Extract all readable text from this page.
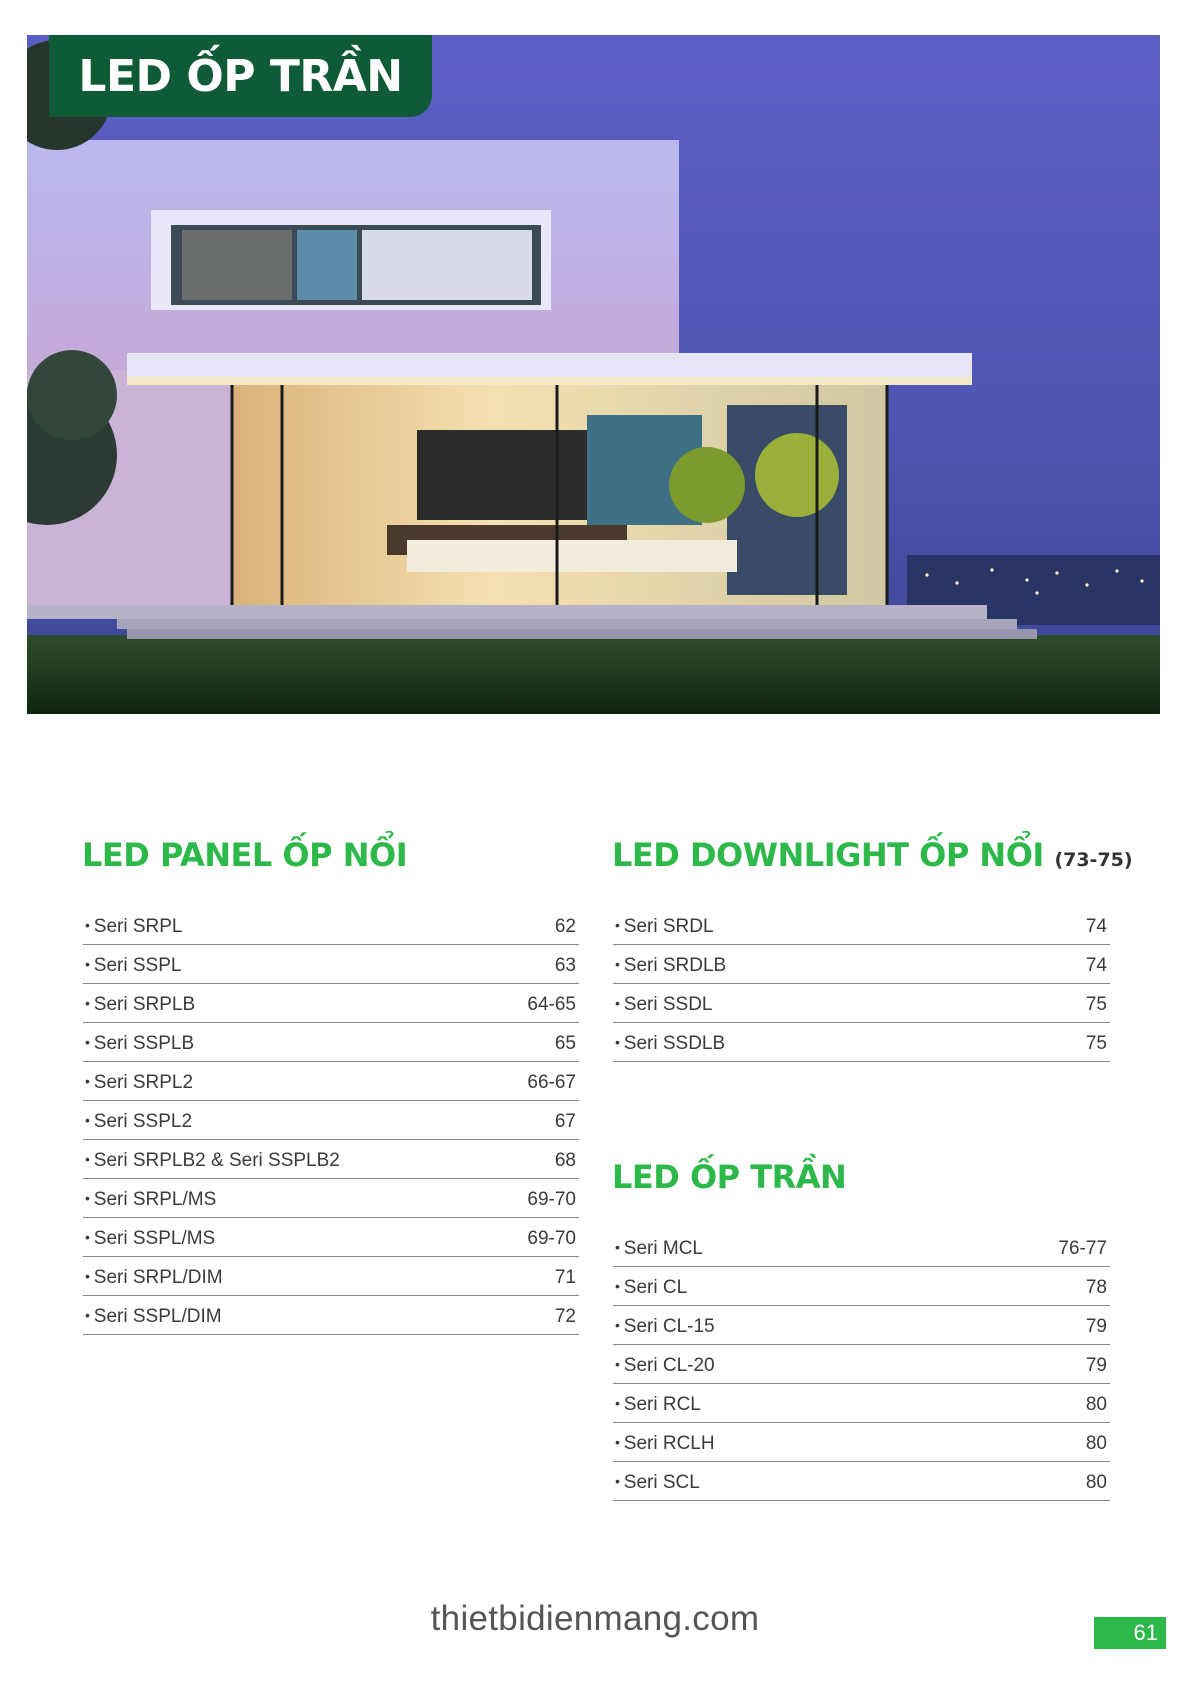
LED ỐP TRẦN
LED PANEL ỐP NỔI
• Seri SRPL	62
• Seri SSPL	63
• Seri SRPLB	64-65
• Seri SSPLB	65
• Seri SRPL2	66-67
• Seri SSPL2	67
• Seri SRPLB2 & Seri SSPLB2	68
• Seri SRPL/MS	69-70
• Seri SSPL/MS	69-70
• Seri SRPL/DIM	71
• Seri SSPL/DIM	72
LED DOWNLIGHT ỐP NỔI (73-75)
• Seri SRDL	74
• Seri SRDLB	74
• Seri SSDL	75
• Seri SSDLB	75
LED ỐP TRẦN
• Seri MCL	76-77
• Seri CL	78
• Seri CL-15	79
• Seri CL-20	79
• Seri RCL	80
• Seri RCLH	80
• Seri SCL	80
thietbidienmang.com	61
